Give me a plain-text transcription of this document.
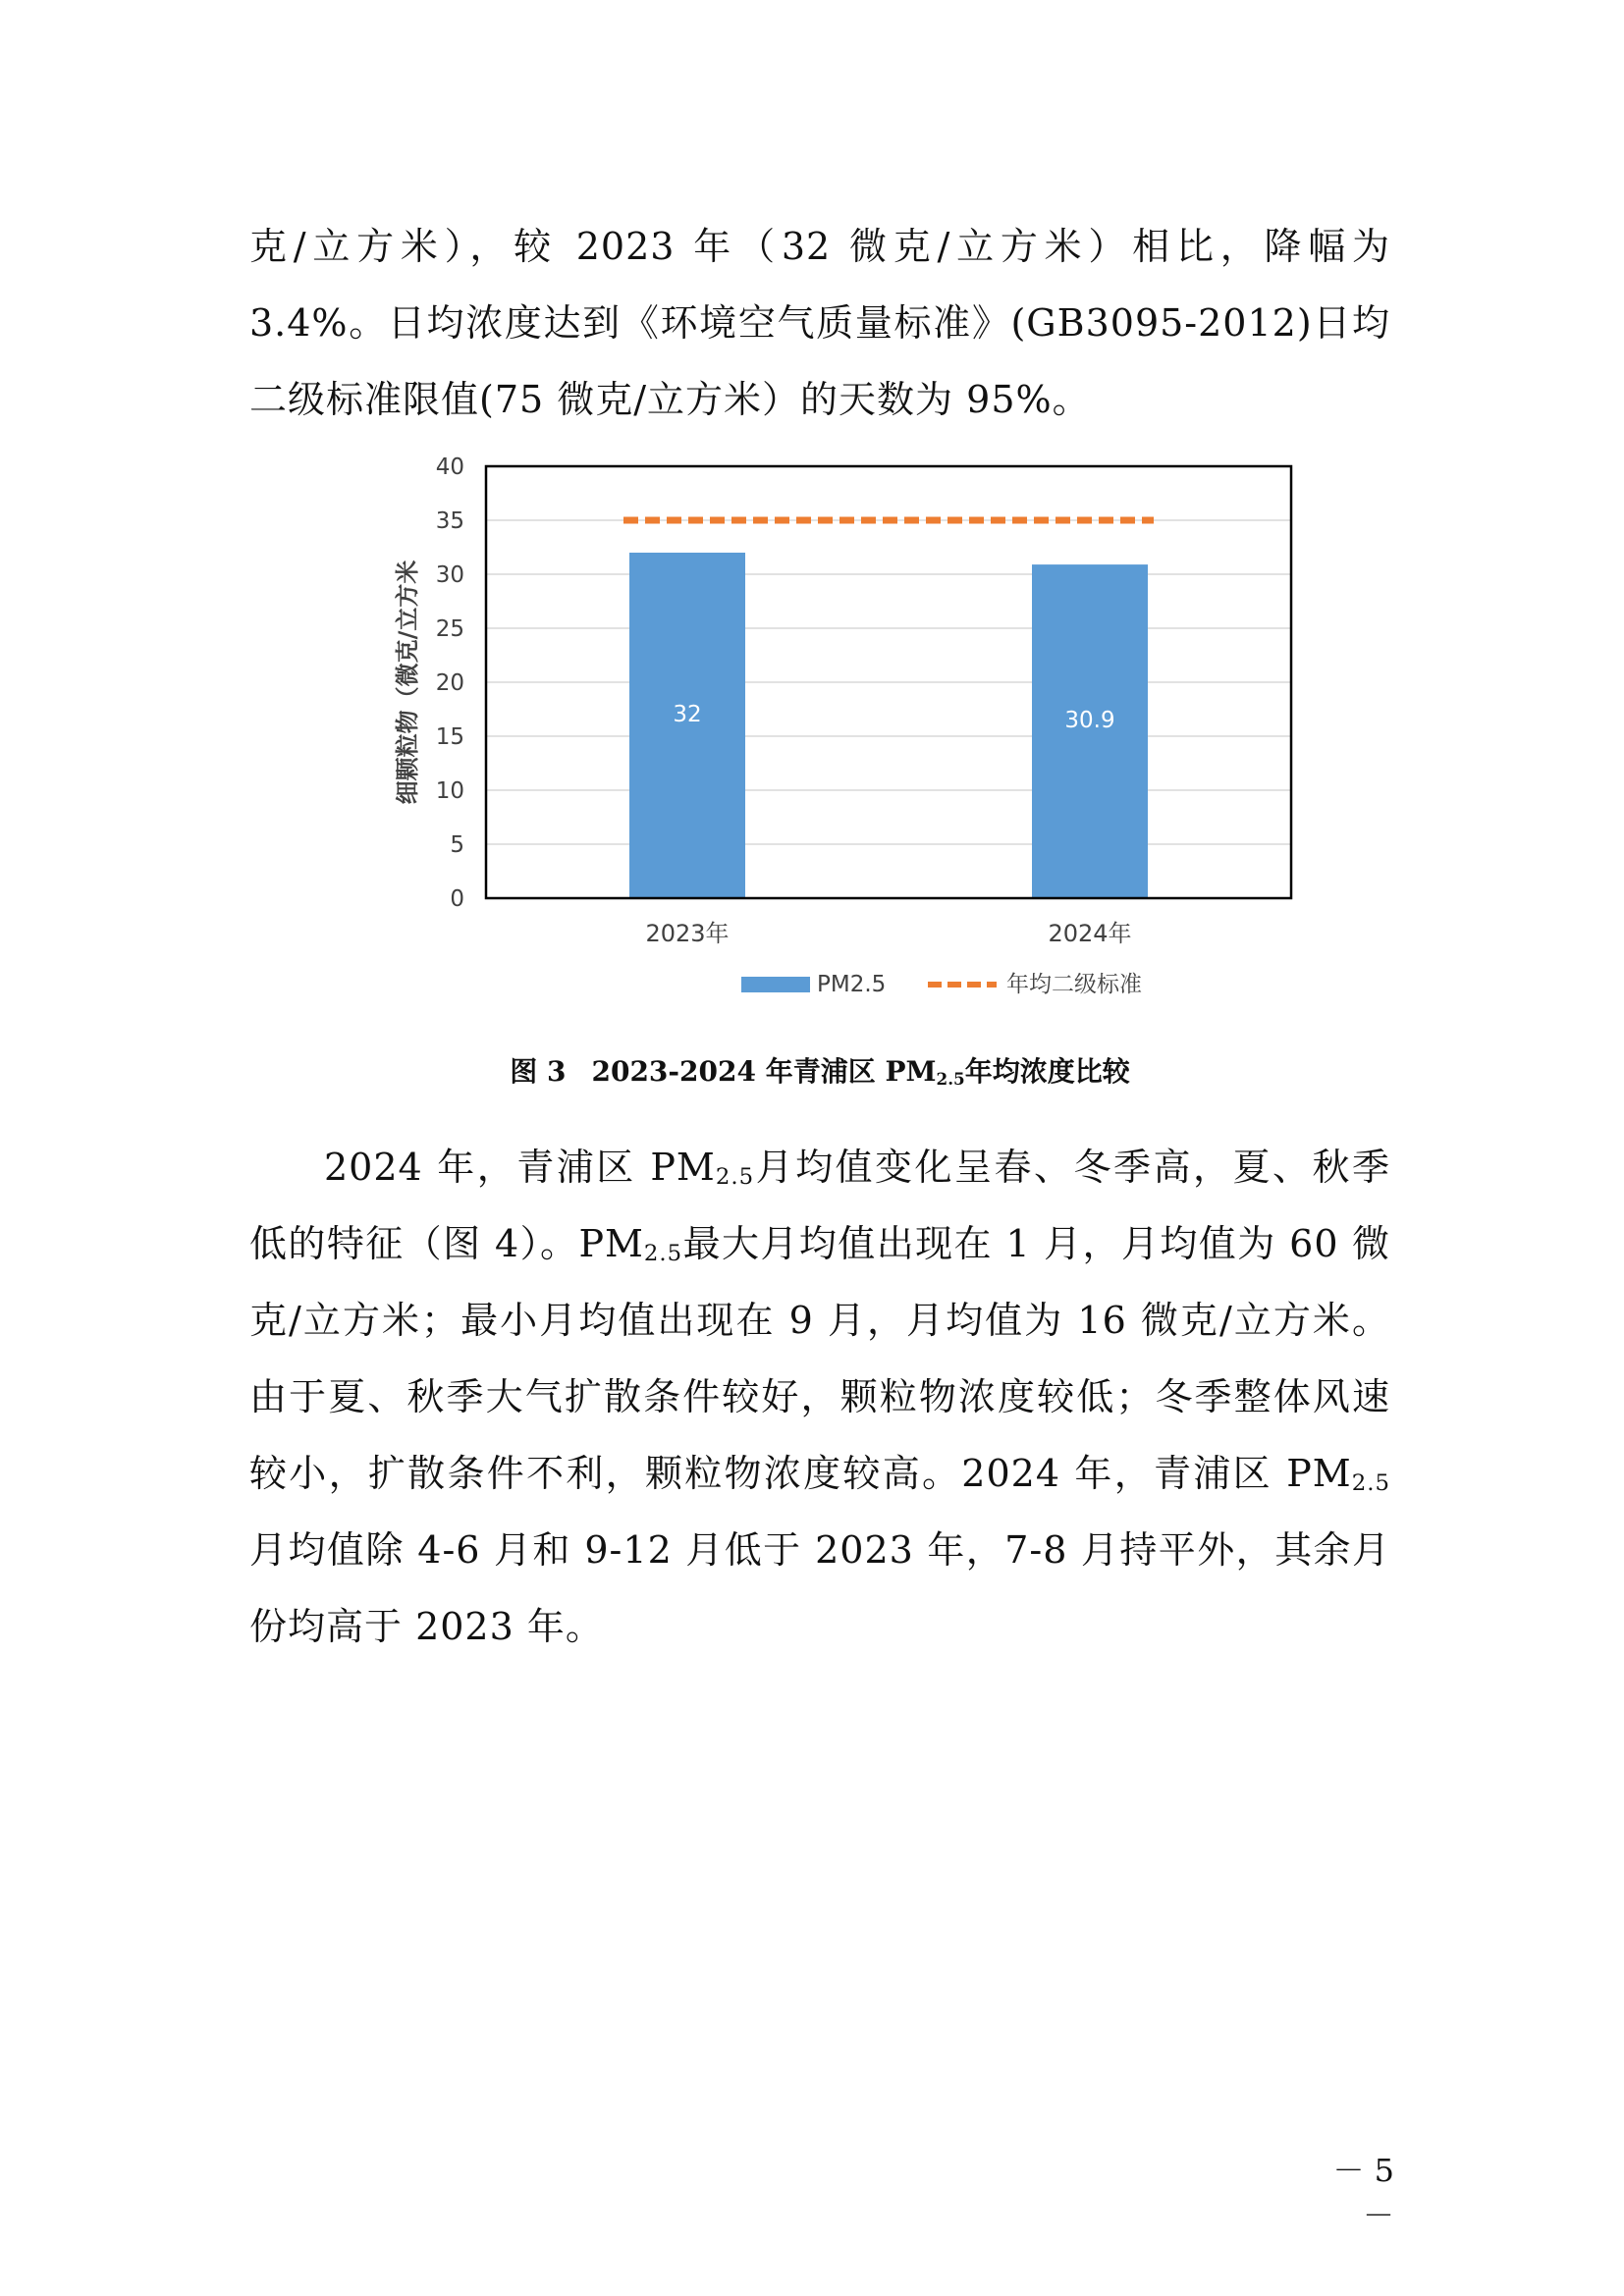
克/立方米），较 2023 年（32 微克/立方米）相比，降幅为 3.4%。日均浓度达到《环境空气质量标准》(GB3095-2012)日均二级标准限值(75 微克/立方米）的天数为 95%。

0
5
10
15
20
25
30
35
40
32	30.9
2023年	2024年
细颗粒物（微克/立方米
PM2.5	年均二级标准
图 3 2023-2024 年青浦区 $PM_{2.5}$年均浓度比较

2024 年，青浦区 $PM_{2.5}$月均值变化呈春、冬季高，夏、秋季低的特征（图 4）。$PM_{2.5}$最大月均值出现在 1 月，月均值为 60 微克/立方米；最小月均值出现在 9 月，月均值为 16 微克/立方米。由于夏、秋季大气扩散条件较好，颗粒物浓度较低；冬季整体风速较小，扩散条件不利，颗粒物浓度较高。2024 年，青浦区 $PM_{2.5}$月均值除 4-6 月和 9-12 月低于 2023 年，7-8 月持平外，其余月份均高于 2023 年。

－ 5 －
